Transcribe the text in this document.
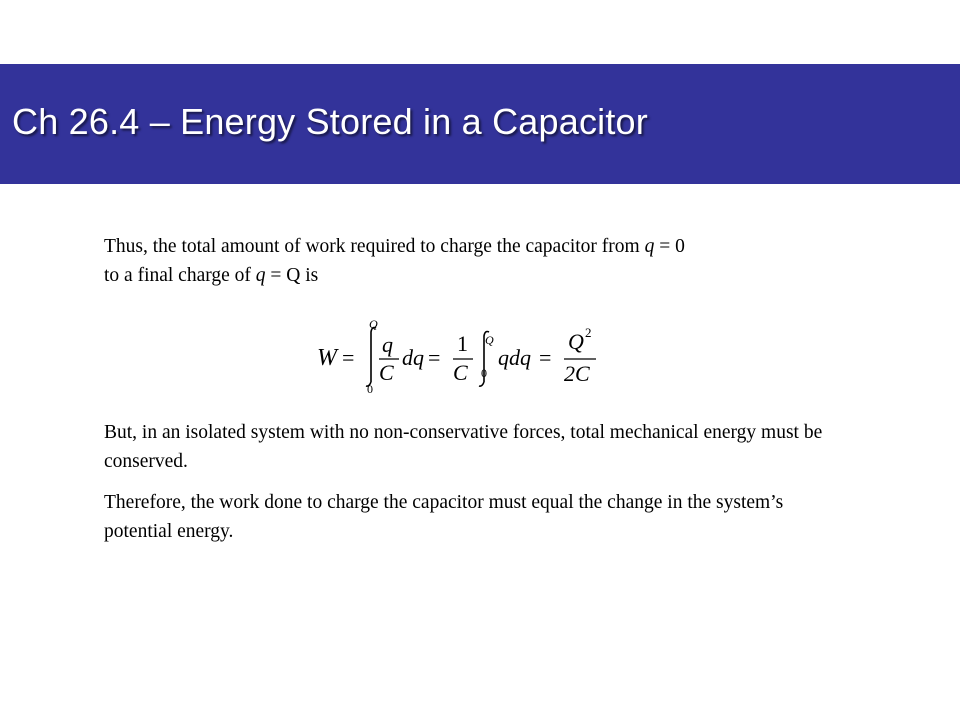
Ch 26.4 – Energy Stored in a Capacitor

Thus, the total amount of work required to charge the capacitor from q = 0
to a final charge of q = Q is

W =
Q
0
q
C
dq =
1
C
Q
0
qdq =
Q 2
2C

But, in an isolated system with no non-conservative forces, total mechanical energy must be conserved.

Therefore, the work done to charge the capacitor must equal the change in the system’s potential energy.
